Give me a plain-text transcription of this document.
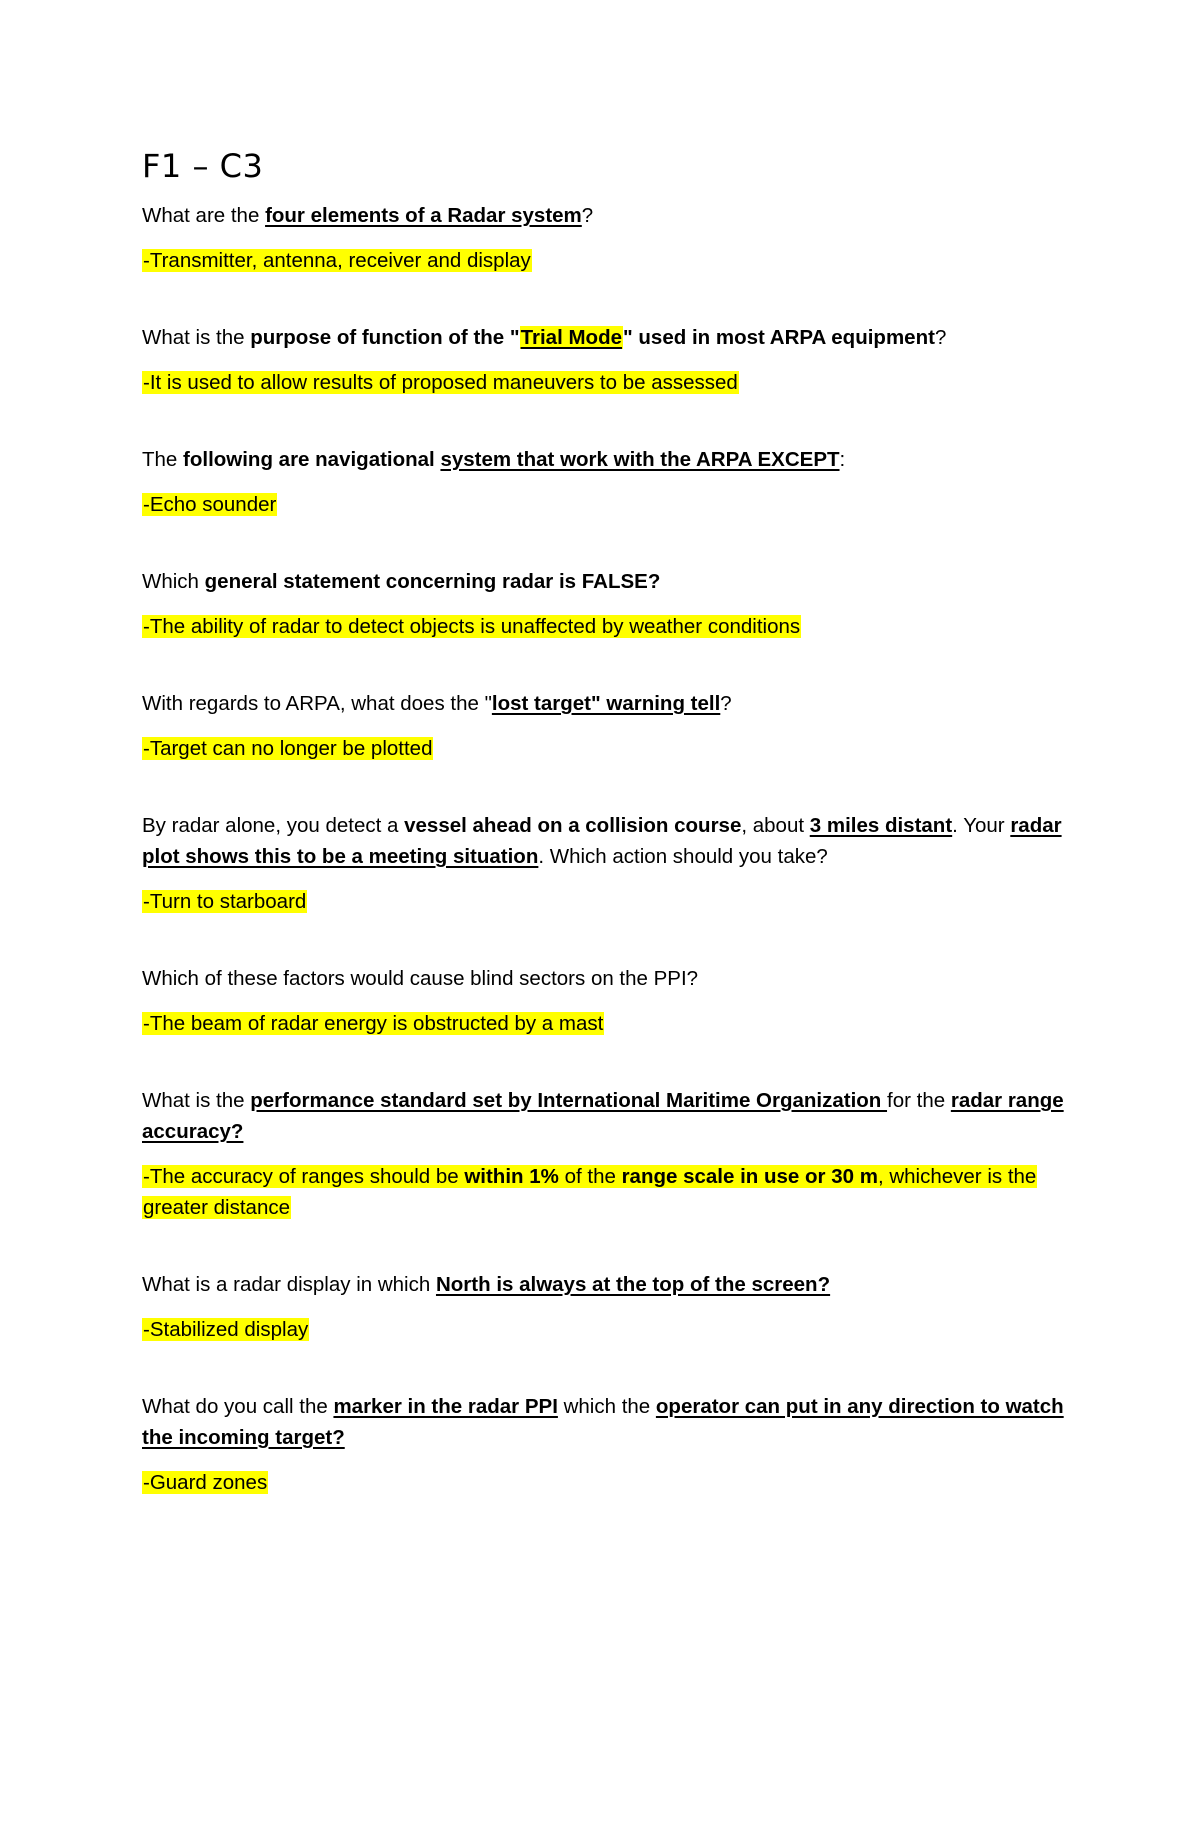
F1 – C3

What are the four elements of a Radar system?

-Transmitter, antenna, receiver and display

What is the purpose of function of the "Trial Mode" used in most ARPA equipment?

-It is used to allow results of proposed maneuvers to be assessed

The following are navigational system that work with the ARPA EXCEPT:

-Echo sounder

Which general statement concerning radar is FALSE?

-The ability of radar to detect objects is unaffected by weather conditions

With regards to ARPA, what does the "lost target" warning tell?

-Target can no longer be plotted

By radar alone, you detect a vessel ahead on a collision course, about 3 miles distant. Your radar plot shows this to be a meeting situation. Which action should you take?

-Turn to starboard

Which of these factors would cause blind sectors on the PPI?

-The beam of radar energy is obstructed by a mast

What is the performance standard set by International Maritime Organization for the radar range accuracy?

-The accuracy of ranges should be within 1% of the range scale in use or 30 m, whichever is the greater distance

What is a radar display in which North is always at the top of the screen?

-Stabilized display

What do you call the marker in the radar PPI which the operator can put in any direction to watch the incoming target?

-Guard zones
